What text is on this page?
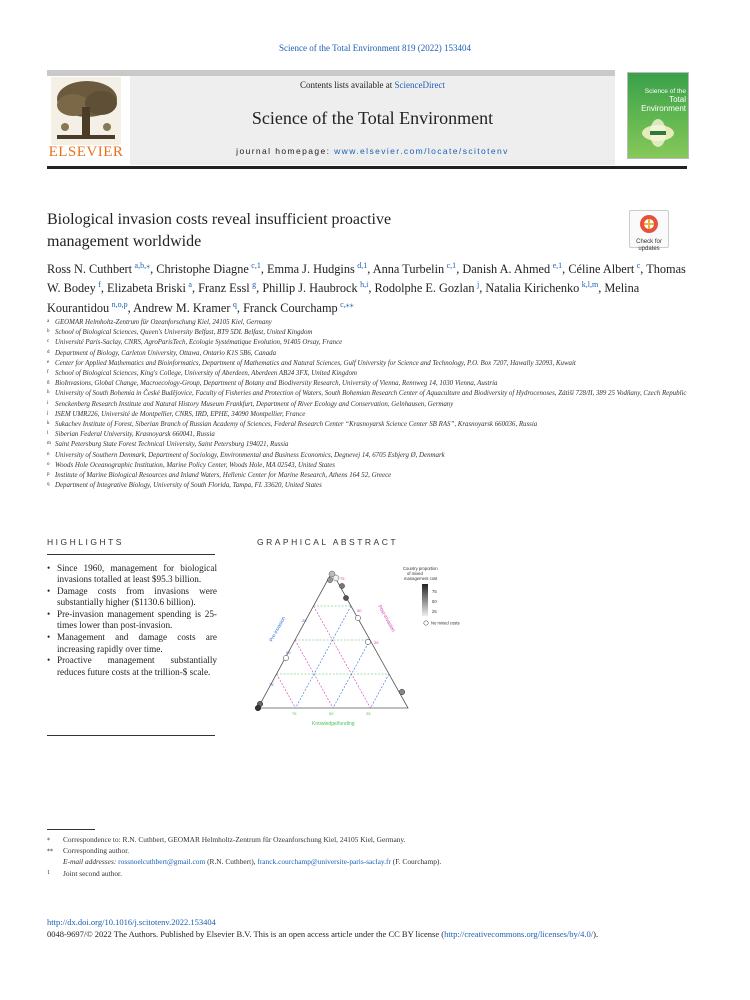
Science of the Total Environment 819 (2022) 153404
ELSEVIER
Contents lists available at ScienceDirect
Science of the Total Environment
journal homepage: www.elsevier.com/locate/scitotenv
Science of the
Total Environment
Biological invasion costs reveal insufficient proactive
management worldwide	Check for
updates
Ross N. Cuthbert  $^{a,b,⁎}$, Christophe Diagne  $^{c,1}$, Emma J. Hudgins  $^{d,1}$, Anna Turbelin  $^{c,1}$, Danish A. Ahmed  $^{e,1}$, Céline Albert  $^c$, Thomas W. Bodey  $^f$, Elizabeta Briski  $^a$, Franz Essl  $^g$, Phillip J. Haubrock  $^{h,i}$, Rodolphe E. Gozlan  $^j$, Natalia Kirichenko  $^{k,l,m}$, Melina Kourantidou  $^{n,o,p}$, Andrew M. Kramer  $^q$, Franck Courchamp  $^{c,⁎⁎}$
a GEOMAR Helmholtz-Zentrum für Ozeanforschung Kiel, 24105 Kiel, Germany
b School of Biological Sciences, Queen's University Belfast, BT9 5DL Belfast, United Kingdom
c Université Paris-Saclay, CNRS, AgroParisTech, Ecologie Systématique Evolution, 91405 Orsay, France
d Department of Biology, Carleton University, Ottawa, Ontario K1S 5B6, Canada
e Center for Applied Mathematics and Bioinformatics, Department of Mathematics and Natural Sciences, Gulf University for Science and Technology, P.O. Box 7207, Hawally 32093, Kuwait
f School of Biological Sciences, King's College, University of Aberdeen, Aberdeen AB24 3FX, United Kingdom
g BioInvasions, Global Change, Macroecology-Group, Department of Botany and Biodiversity Research, University of Vienna, Rennweg 14, 1030 Vienna, Austria
h University of South Bohemia in České Budějovice, Faculty of Fisheries and Protection of Waters, South Bohemian Research Center of Aquaculture and Biodiversity of Hydrocenoses, Zátiší 728/II, 389 25 Vodňany, Czech Republic
i Senckenberg Research Institute and Natural History Museum Frankfurt, Department of River Ecology and Conservation, Gelnhausen, Germany
j ISEM UMR226, Université de Montpellier, CNRS, IRD, EPHE, 34090 Montpellier, France
k Sukachev Institute of Forest, Siberian Branch of Russian Academy of Sciences, Federal Research Center “Krasnoyarsk Science Center SB RAS”, Krasnoyarsk 660036, Russia
l Siberian Federal University, Krasnoyarsk 660041, Russia
m Saint Petersburg State Forest Technical University, Saint Petersburg 194021, Russia
n University of Southern Denmark, Department of Sociology, Environmental and Business Economics, Degnevej 14, 6705 Esbjerg Ø, Denmark
o Woods Hole Oceanographic Institution, Marine Policy Center, Woods Hole, MA 02543, United States
p Institute of Marine Biological Resources and Inland Waters, Hellenic Center for Marine Research, Athens 164 52, Greece
q Department of Integrative Biology, University of South Florida, Tampa, FL 33620, United States
HIGHLIGHTS
• Since 1960, management for biological invasions totalled at least $95.3 billion.
• Damage costs from invasions were substantially higher ($1130.6 billion).
• Pre-invasion management spending is 25-times lower than post-invasion.
• Management and damage costs are increasing rapidly over time.
• Proactive management substantially reduces future costs at the trillion-$ scale.
GRAPHICAL ABSTRACT
25
50
75
25
50
75
75	50	25
Pre-invasion	Post-invasion
Knowledge/funding
Country proportion
of mixed
management cost
75
50
25
No mixed costs
⁎	Correspondence to: R.N. Cuthbert, GEOMAR Helmholtz-Zentrum für Ozeanforschung Kiel, 24105 Kiel, Germany.
⁎⁎	Corresponding author.
E-mail addresses: rossnoelcuthbert@gmail.com (R.N. Cuthbert), franck.courchamp@universite-paris-saclay.fr (F. Courchamp).
1	Joint second author.
http://dx.doi.org/10.1016/j.scitotenv.2022.153404
0048-9697/© 2022 The Authors. Published by Elsevier B.V. This is an open access article under the CC BY license (http://creativecommons.org/licenses/by/4.0/).
